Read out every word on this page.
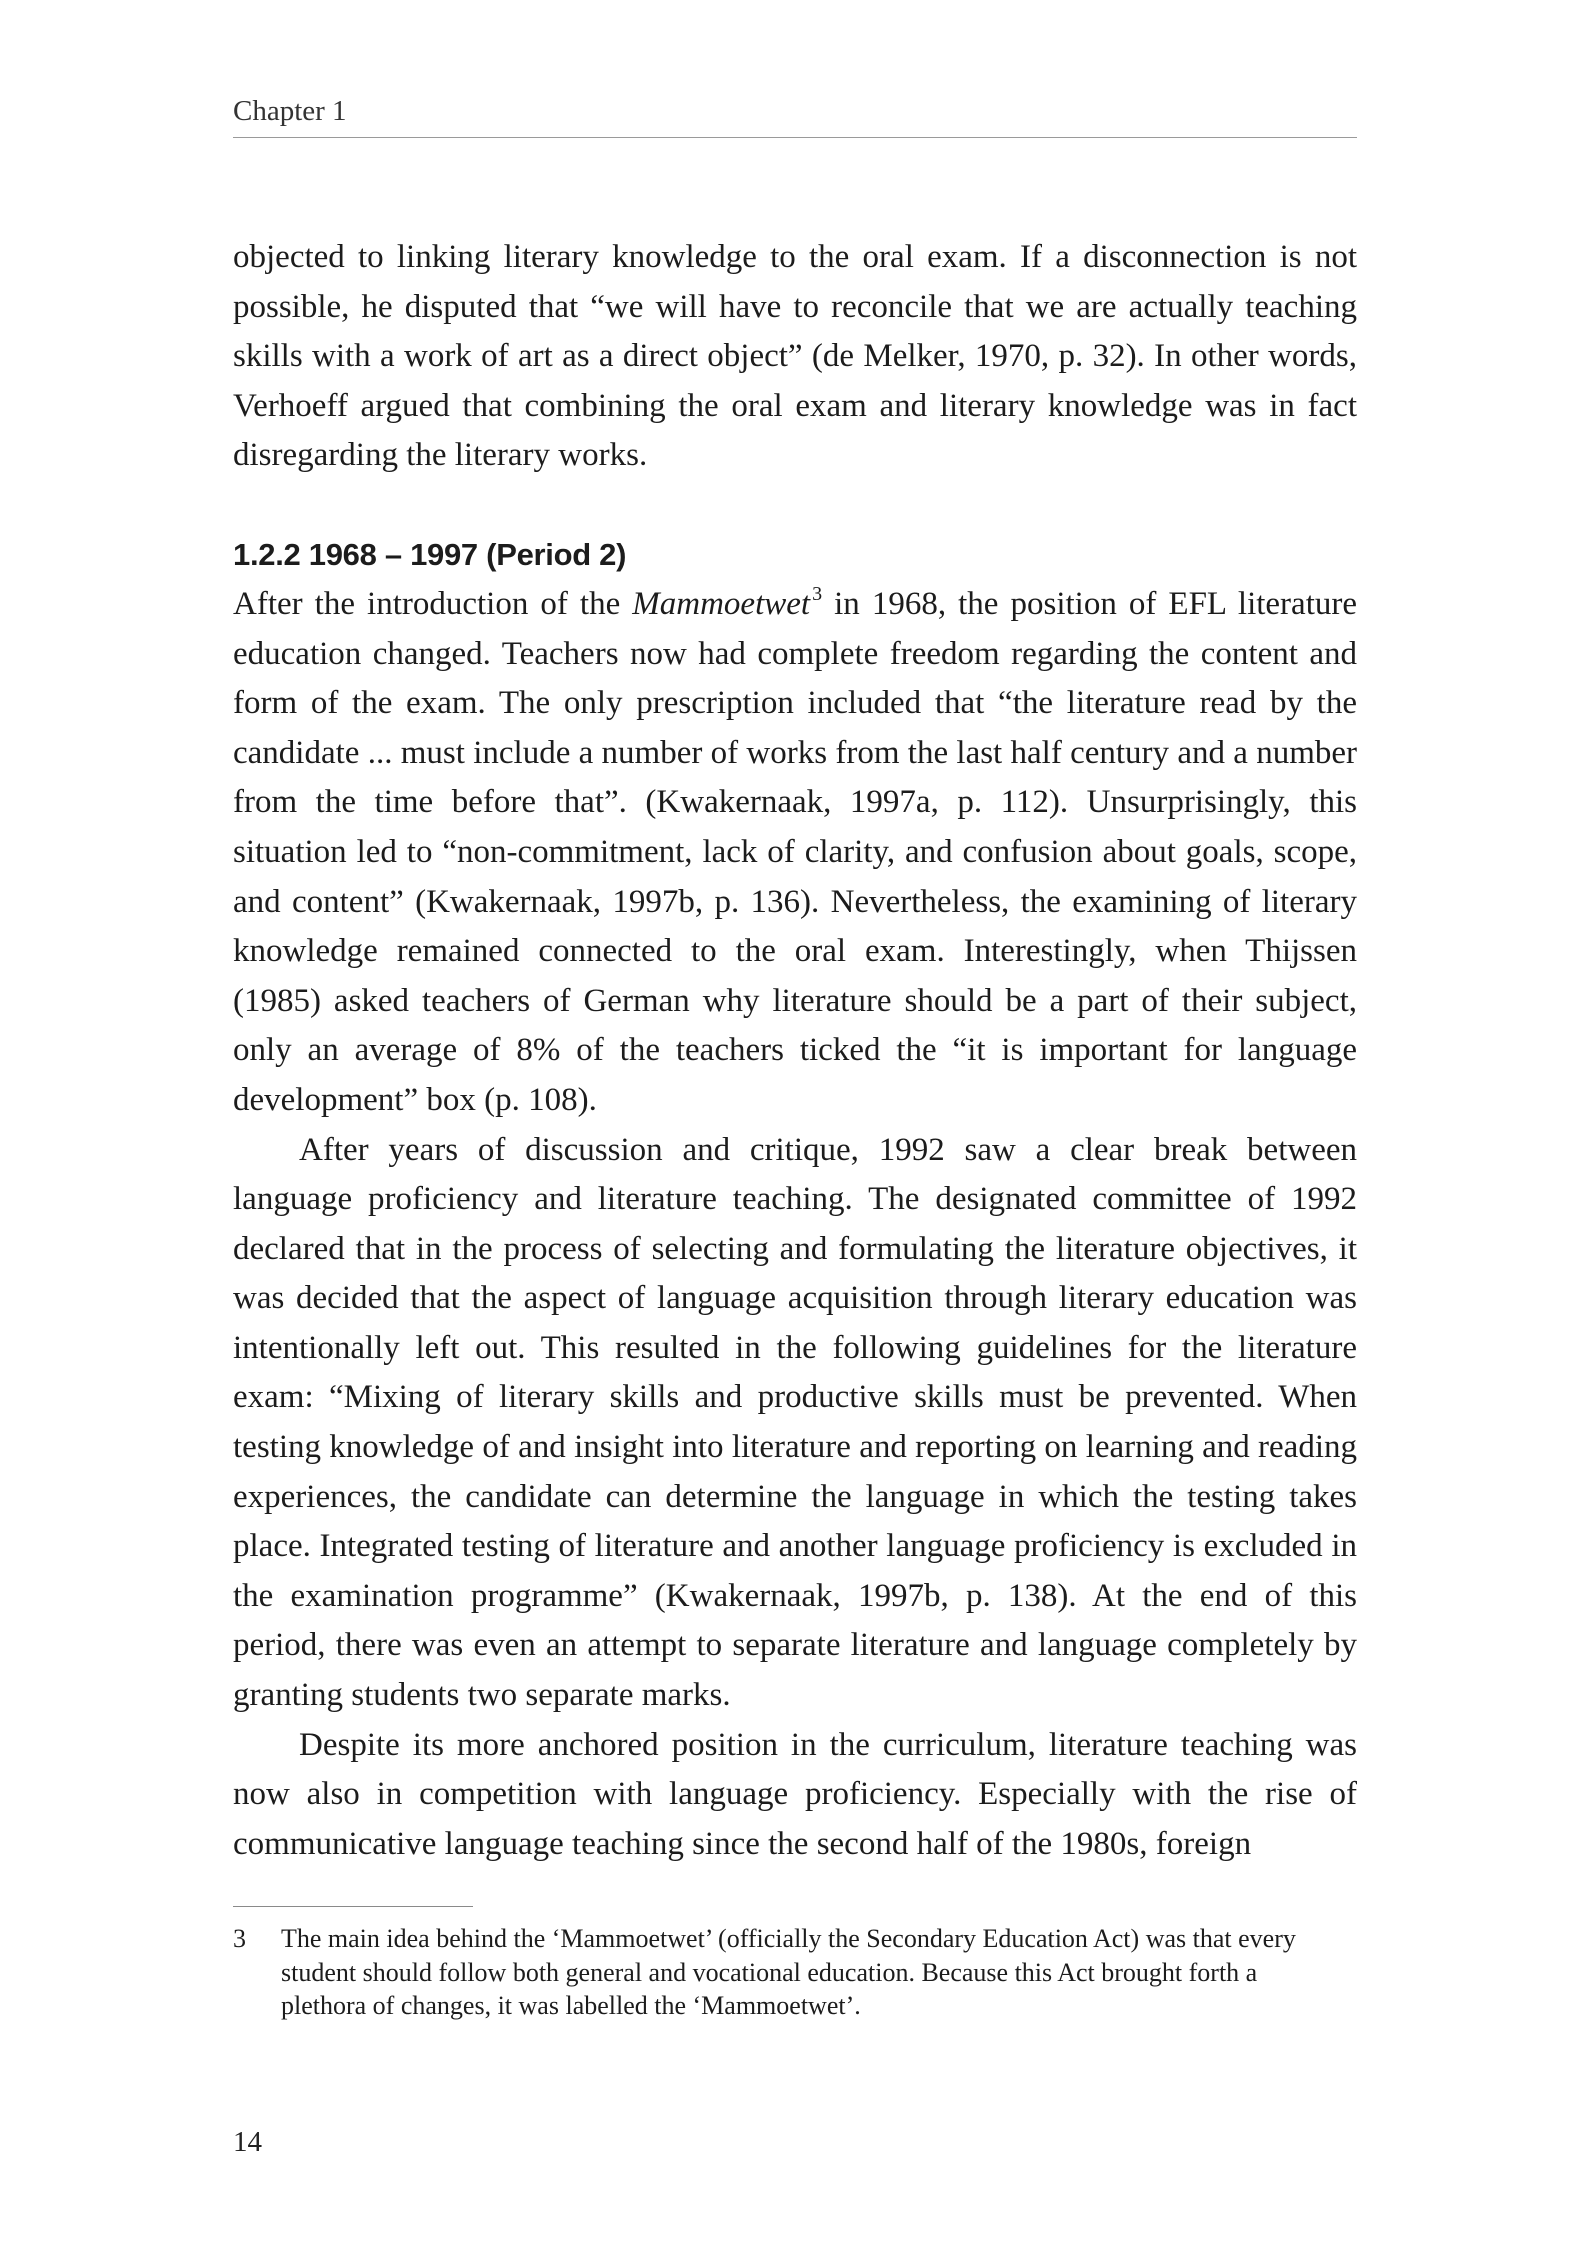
Chapter 1

objected to linking literary knowledge to the oral exam. If a disconnection is not possible, he disputed that “we will have to reconcile that we are actually teaching skills with a work of art as a direct object” (de Melker, 1970, p. 32). In other words, Verhoeff argued that combining the oral exam and literary knowledge was in fact disregarding the literary works.

1.2.2 1968 – 1997 (Period 2)

After the introduction of the Mammoetwet $^3$ in 1968, the position of EFL literature education changed. Teachers now had complete freedom regarding the content and form of the exam. The only prescription included that “the literature read by the candidate ... must include a number of works from the last half century and a number from the time before that”. (Kwakernaak, 1997a, p. 112). Unsurprisingly, this situation led to “non-commitment, lack of clarity, and confusion about goals, scope, and content” (Kwakernaak, 1997b, p. 136). Nevertheless, the examining of literary knowledge remained connected to the oral exam. Interestingly, when Thijssen (1985) asked teachers of German why literature should be a part of their subject, only an average of 8% of the teachers ticked the “it is important for language development” box (p. 108).

After years of discussion and critique, 1992 saw a clear break between language proficiency and literature teaching. The designated committee of 1992 declared that in the process of selecting and formulating the literature objectives, it was decided that the aspect of language acquisition through literary education was intentionally left out. This resulted in the following guidelines for the literature exam: “Mixing of literary skills and productive skills must be prevented. When testing knowledge of and insight into literature and reporting on learning and reading experiences, the candidate can determine the language in which the testing takes place. Integrated testing of literature and another language proficiency is excluded in the examination programme” (Kwakernaak, 1997b, p. 138). At the end of this period, there was even an attempt to separate literature and language completely by granting students two separate marks.

Despite its more anchored position in the curriculum, literature teaching was now also in competition with language proficiency. Especially with the rise of communicative language teaching since the second half of the 1980s, foreign

3	The main idea behind the ‘Mammoetwet’ (officially the Secondary Education Act) was that every student should follow both general and vocational education. Because this Act brought forth a plethora of changes, it was labelled the ‘Mammoetwet’.
14
